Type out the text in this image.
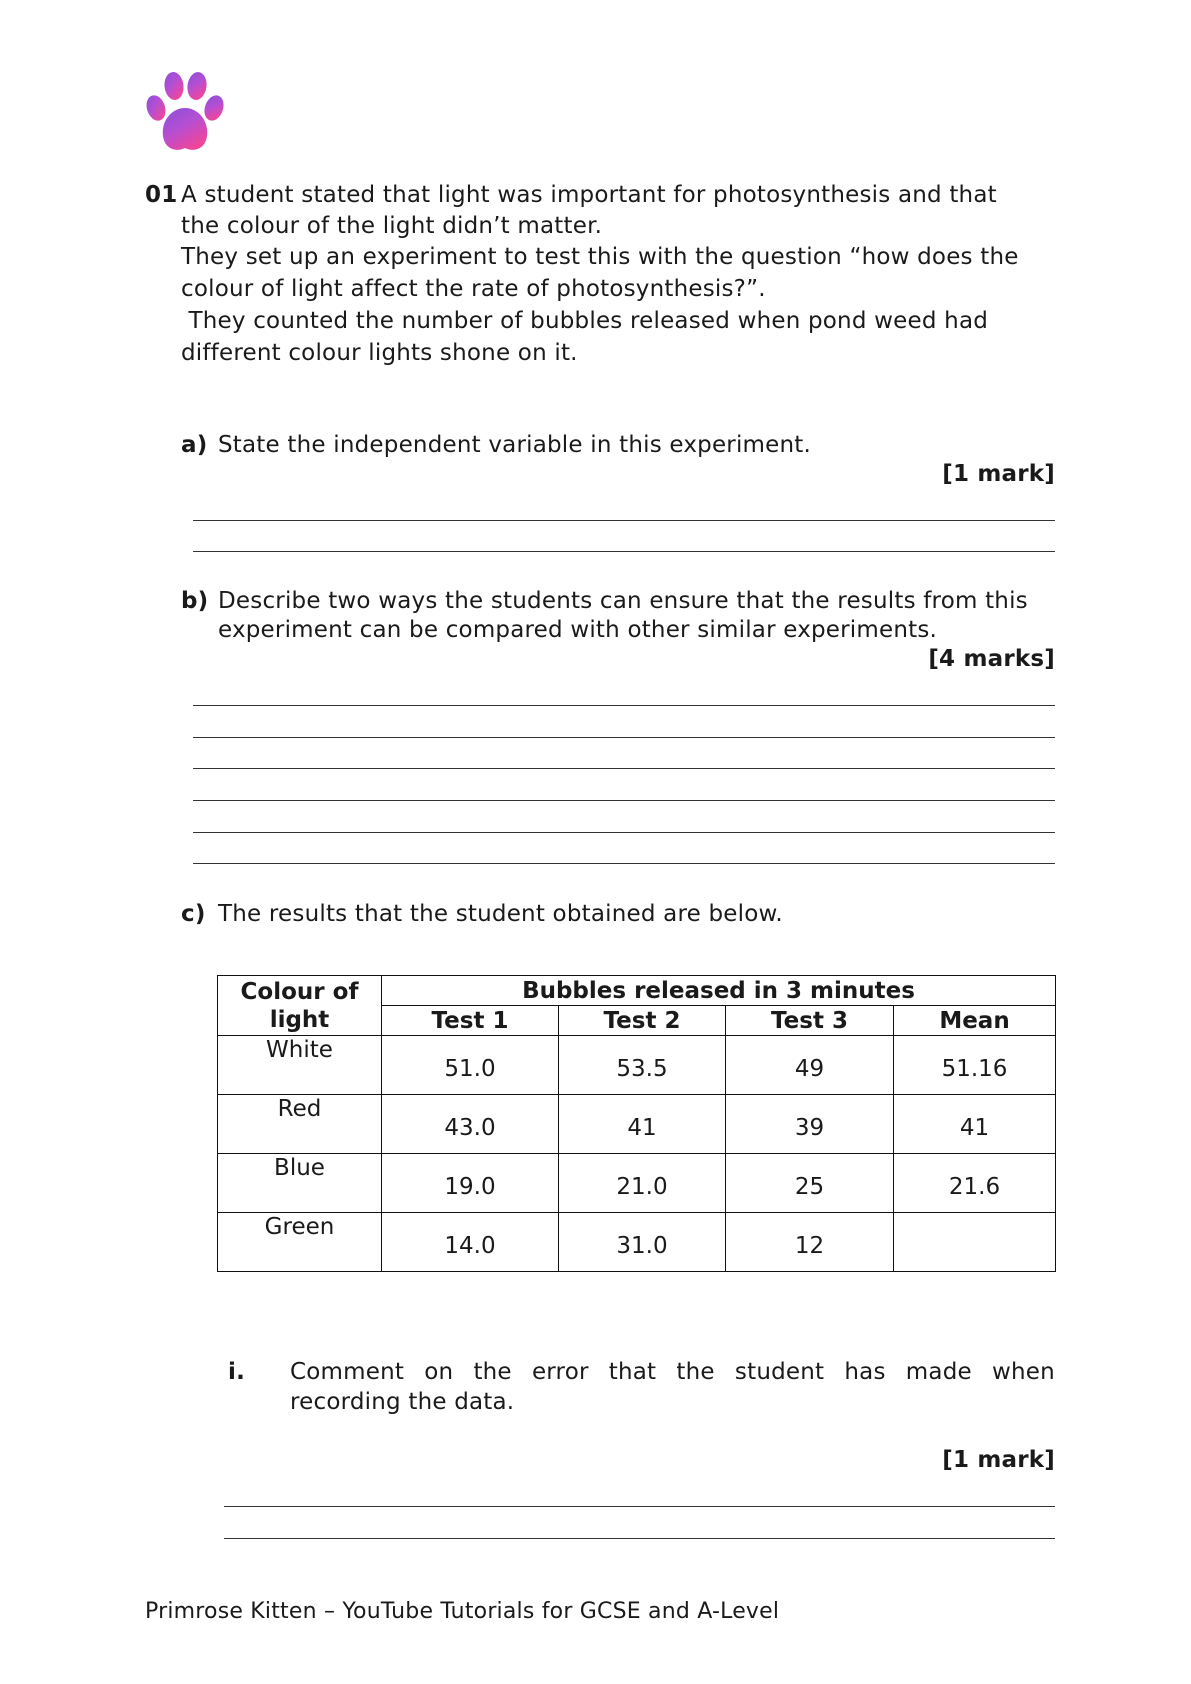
01 A student stated that light was important for photosynthesis and that
the colour of the light didn’t matter.
They set up an experiment to test this with the question “how does the
colour of light affect the rate of photosynthesis?”.
They counted the number of bubbles released when pond weed had
different colour lights shone on it.
a) State the independent variable in this experiment.
[1 mark]
b) Describe two ways the students can ensure that the results from this
experiment can be compared with other similar experiments.
[4 marks]
c) The results that the student obtained are below.
Colour of
light	Bubbles released in 3 minutes			
	Test 1	Test 2	Test 3	Mean
White	51.0	53.5	49	51.16
Red	43.0	41	39	41
Blue	19.0	21.0	25	21.6
Green	14.0	31.0	12	
i. Comment on the error that the student has made when
recording the data.
[1 mark]
Primrose Kitten – YouTube Tutorials for GCSE and A-Level
